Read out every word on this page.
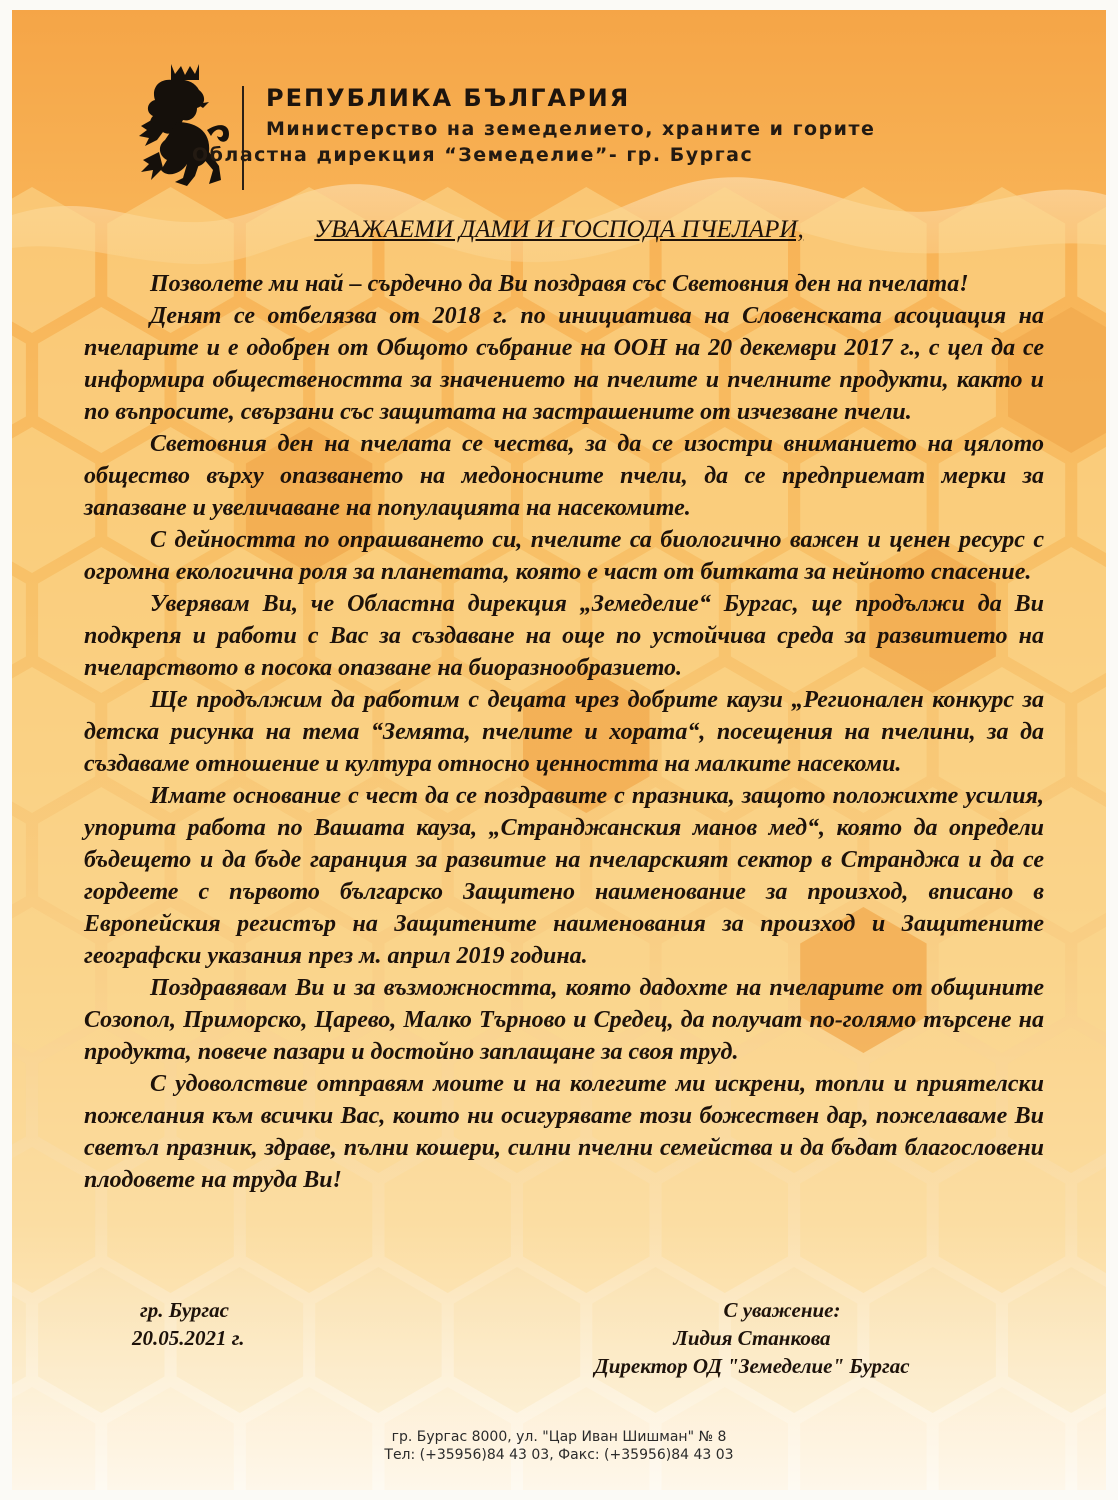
РЕПУБЛИКА БЪЛГАРИЯ
Министерство на земеделието, храните и горите
Областна дирекция “Земеделие”- гр. Бургас
УВАЖАЕМИ ДАМИ И ГОСПОДА ПЧЕЛАРИ,

Позволете ми най – сърдечно да Ви поздравя със Световния ден на пчелата!

Денят се отбелязва от 2018 г. по инициатива на Словенската асоциация на пчеларите и е одобрен от Общото събрание на ООН на 20 декември 2017 г., с цел да се информира обществеността за значението на пчелите и пчелните продукти, както и по въпросите, свързани със защитата на застрашените от изчезване пчели.

Световния ден на пчелата се чества, за да се изостри вниманието на цялото общество върху опазването на медоносните пчели, да се предприемат мерки за запазване и увеличаване на популацията на насекомите.

С дейността по опрашването си, пчелите са биологично важен и ценен ресурс с огромна екологична роля за планетата, която е част от битката за нейното спасение.

Уверявам Ви, че Областна дирекция „Земеделие“ Бургас, ще продължи да Ви подкрепя и работи с Вас за създаване на още по устойчива среда за развитието на пчеларството в посока опазване на биоразнообразието.

Ще продължим да работим с децата чрез добрите каузи „Регионален конкурс за детска рисунка на тема “Земята, пчелите и хората“, посещения на пчелини, за да създаваме отношение и култура относно ценността на малките насекоми.

Имате основание с чест да се поздравите с празника, защото положихте усилия, упорита работа по Вашата кауза, „Странджанския манов мед“, която да определи бъдещето и да бъде гаранция за развитие на пчеларският сектор в Странджа и да се гордеете с първото българско Защитено наименование за произход, вписано в Европейския регистър на Защитените наименования за произход и Защитените географски указания през м. април 2019 година.

Поздравявам Ви и за възможността, която дадохте на пчеларите от общините Созопол, Приморско, Царево, Малко Търново и Средец, да получат по-голямо търсене на продукта, повече пазари и достойно заплащане за своя труд.

С удоволствие отправям моите и на колегите ми искрени, топли и приятелски пожелания към всички Вас, които ни осигурявате този божествен дар, пожелаваме Ви светъл празник, здраве, пълни кошери, силни пчелни семейства и да бъдат благословени плодовете на труда Ви!

гр. Бургас
20.05.2021 г.
С уважение:
Лидия Станкова
Директор ОД "Земеделие" Бургас
гр. Бургас 8000, ул. "Цар Иван Шишман" № 8
Тел: (+35956)84 43 03, Факс: (+35956)84 43 03
